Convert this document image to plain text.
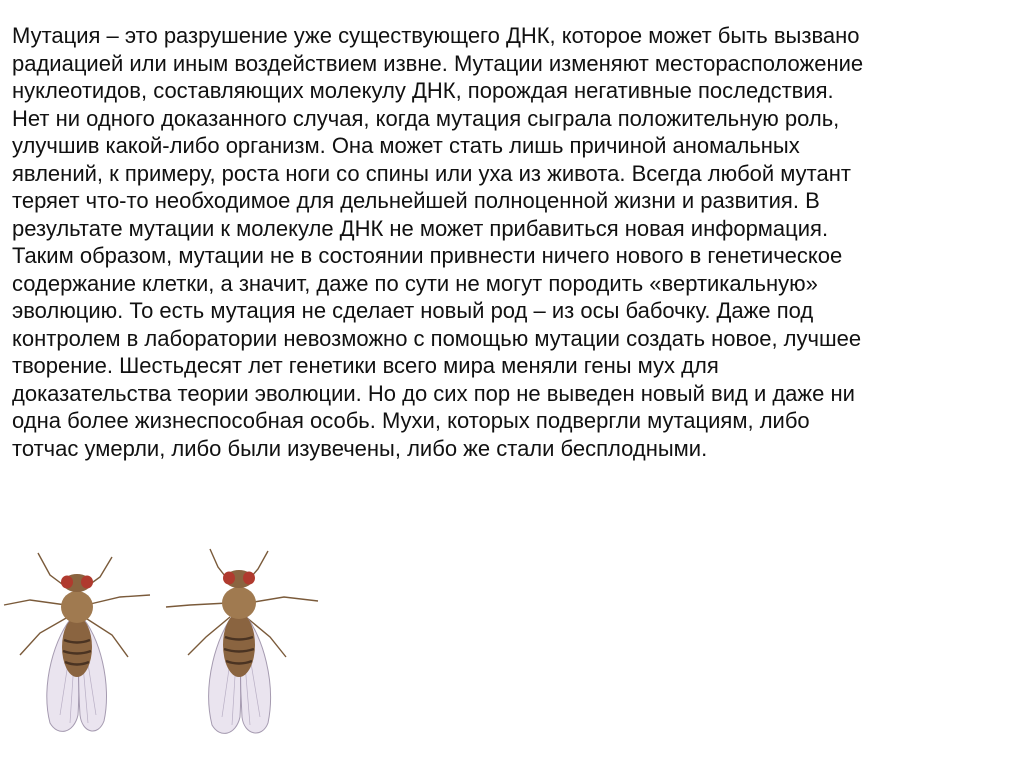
Мутация – это разрушение уже существующего ДНК, которое может быть вызвано
радиацией или иным воздействием извне. Мутации изменяют месторасположение
нуклеотидов, составляющих молекулу ДНК, порождая негативные последствия.
Нет ни одного доказанного случая, когда мутация сыграла положительную роль,
улучшив какой-либо организм. Она может стать лишь причиной аномальных
явлений, к примеру, роста ноги со спины или уха из живота. Всегда любой мутант
теряет что-то необходимое для дельнейшей полноценной жизни и развития. В
результате мутации к молекуле ДНК не может прибавиться новая информация.
Таким образом, мутации не в состоянии привнести ничего нового в генетическое
содержание клетки, а значит, даже по сути не могут породить «вертикальную»
эволюцию. То есть мутация не сделает новый род – из осы бабочку. Даже под
контролем в лаборатории невозможно с помощью мутации создать новое, лучшее
творение. Шестьдесят лет генетики всего мира меняли гены мух для
доказательства теории эволюции. Но до сих пор не выведен новый вид и даже ни
одна более жизнеспособная особь. Мухи, которых подвергли мутациям, либо
тотчас умерли, либо были изувечены, либо же стали бесплодными.
